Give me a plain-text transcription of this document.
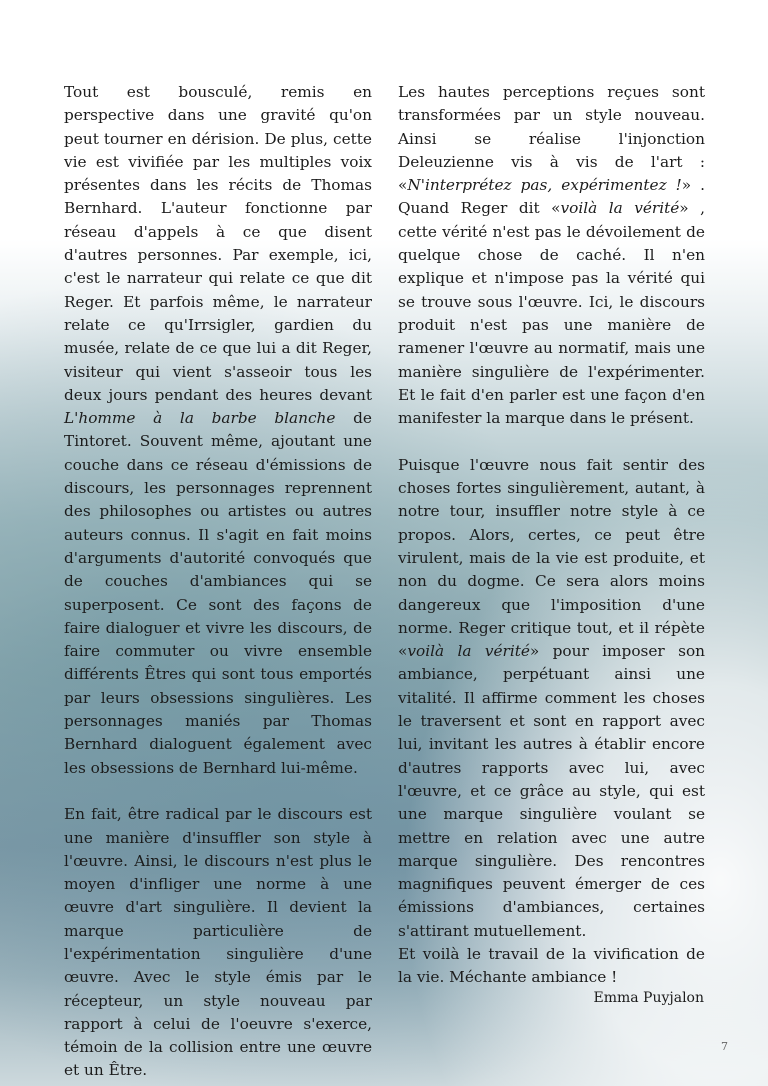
Tout est bousculé, remis en perspective dans une gravité qu'on peut tourner en dérision. De plus, cette vie est vivifiée par les multiples voix présentes dans les récits de Thomas Bernhard. L'auteur fonctionne par réseau d'appels à ce que disent d'autres personnes. Par exemple, ici, c'est le narrateur qui relate ce que dit Reger. Et parfois même, le narrateur relate ce qu'Irrsigler, gardien du musée, relate de ce que lui a dit Reger, visiteur qui vient s'asseoir tous les deux jours pendant des heures devant L'homme à la barbe blanche de Tintoret. Souvent même, ajoutant une couche dans ce réseau d'émissions de discours, les personnages reprennent des philosophes ou artistes ou autres auteurs connus. Il s'agit en fait moins d'arguments d'autorité convoqués que de couches d'ambiances qui se superposent. Ce sont des façons de faire dialoguer et vivre les discours, de faire commuter ou vivre ensemble différents Êtres qui sont tous emportés par leurs obsessions singulières. Les personnages maniés par Thomas Bernhard dialoguent également avec les obsessions de Bernhard lui-même.

En fait, être radical par le discours est une manière d'insuffler son style à l'œuvre. Ainsi, le discours n'est plus le moyen d'infliger une norme à une œuvre d'art singulière. Il devient la marque particulière de l'expérimentation singulière d'une œuvre. Avec le style émis par le récepteur, un style nouveau par rapport à celui de l'oeuvre s'exerce, témoin de la collision entre une œuvre et un Être.

Les hautes perceptions reçues sont transformées par un style nouveau. Ainsi se réalise l'injonction Deleuzienne vis à vis de l'art : «N'interprétez pas, expérimentez !» . Quand Reger dit «voilà la vérité» , cette vérité n'est pas le dévoilement de quelque chose de caché. Il n'en explique et n'impose pas la vérité qui se trouve sous l'œuvre. Ici, le discours produit n'est pas une manière de ramener l'œuvre au normatif, mais une manière singulière de l'expérimenter. Et le fait d'en parler est une façon d'en manifester la marque dans le présent.

Puisque l'œuvre nous fait sentir des choses fortes singulièrement, autant, à notre tour, insuffler notre style à ce propos. Alors, certes, ce peut être virulent, mais de la vie est produite, et non du dogme. Ce sera alors moins dangereux que l'imposition d'une norme. Reger critique tout, et il répète «voilà la vérité» pour imposer son ambiance, perpétuant ainsi une vitalité. Il affirme comment les choses le traversent et sont en rapport avec lui, invitant les autres à établir encore d'autres rapports avec lui, avec l'œuvre, et ce grâce au style, qui est une marque singulière voulant se mettre en relation avec une autre marque singulière. Des rencontres magnifiques peuvent émerger de ces émissions d'ambiances, certaines s'attirant mutuellement.

Et voilà le travail de la vivification de la vie. Méchante ambiance !

Emma Puyjalon
7
